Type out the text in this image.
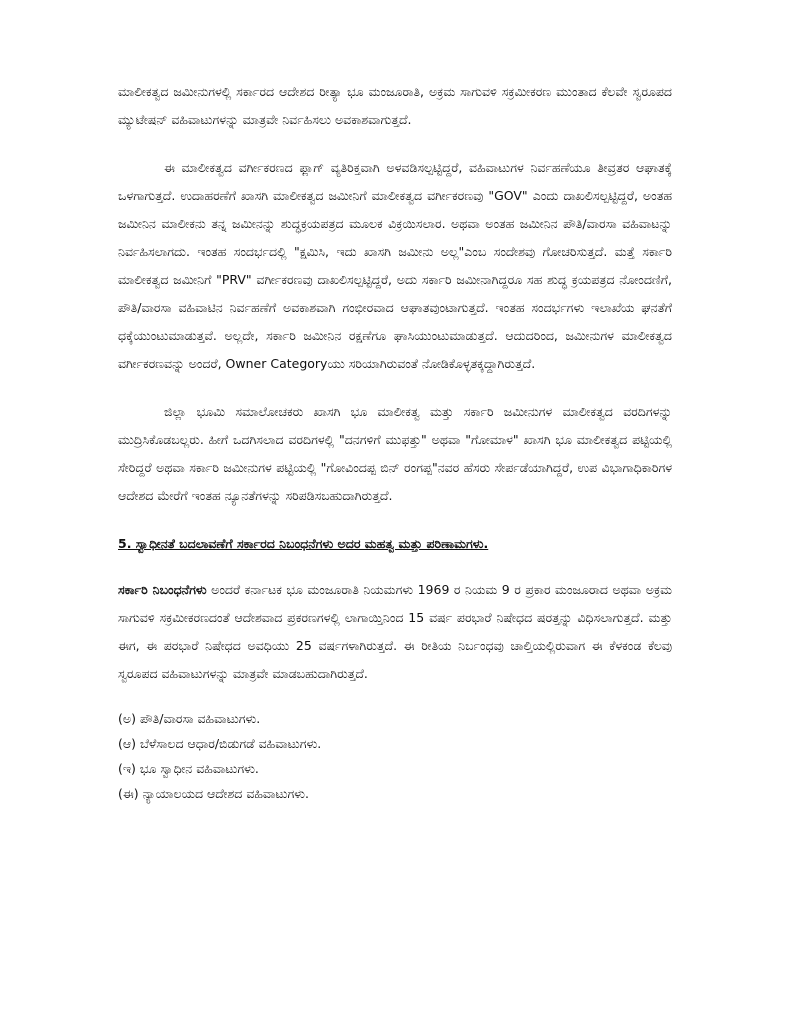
ಮಾಲೀಕತ್ವದ ಜಮೀನುಗಳಲ್ಲಿ ಸರ್ಕಾರದ ಆದೇಶದ ರೀತ್ಯಾ ಭೂ ಮಂಜೂರಾತಿ, ಅಕ್ರಮ ಸಾಗುವಳಿ ಸಕ್ರಮೀಕರಣ ಮುಂತಾದ ಕೆಲವೇ ಸ್ವರೂಪದ ಮ್ಯುಟೇಷನ್ ವಹಿವಾಟುಗಳನ್ನು ಮಾತ್ರವೇ ನಿರ್ವಹಿಸಲು ಅವಕಾಶವಾಗುತ್ತದೆ.

ಈ ಮಾಲೀಕತ್ವದ ವರ್ಗೀಕರಣದ ಫ್ಲಾಗ್ ವ್ಯತಿರಿಕ್ತವಾಗಿ ಅಳವಡಿಸಲ್ಪಟ್ಟಿದ್ದರೆ, ವಹಿವಾಟುಗಳ ನಿರ್ವಹಣೆಯೂ ತೀವ್ರತರ ಆಘಾತಕ್ಕೆ ಒಳಗಾಗುತ್ತದೆ. ಉದಾಹರಣೆಗೆ ಖಾಸಗಿ ಮಾಲೀಕತ್ವದ ಜಮೀನಿಗೆ ಮಾಲೀಕತ್ವದ ವರ್ಗೀಕರಣವು "GOV" ಎಂದು ದಾಖಲಿಸಲ್ಪಟ್ಟಿದ್ದರೆ, ಅಂತಹ ಜಮೀನಿನ ಮಾಲೀಕನು ತನ್ನ ಜಮೀನನ್ನು ಶುದ್ಧಕ್ರಯಪತ್ರದ ಮೂಲಕ ವಿಕ್ರಯಿಸಲಾರ. ಅಥವಾ ಅಂತಹ ಜಮೀನಿನ ಪೌತಿ/ವಾರಸಾ ವಹಿವಾಟನ್ನು ನಿರ್ವಹಿಸಲಾಗದು. ಇಂತಹ ಸಂದರ್ಭದಲ್ಲಿ "ಕ್ಷಮಿಸಿ, ಇದು ಖಾಸಗಿ ಜಮೀನು ಅಲ್ಲ"ಎಂಬ ಸಂದೇಶವು ಗೋಚರಿಸುತ್ತದೆ. ಮತ್ತೆ ಸರ್ಕಾರಿ ಮಾಲೀಕತ್ವದ ಜಮೀನಿಗೆ "PRV" ವರ್ಗೀಕರಣವು ದಾಖಲಿಸಲ್ಪಟ್ಟಿದ್ದರೆ, ಅದು ಸರ್ಕಾರಿ ಜಮೀನಾಗಿದ್ದರೂ ಸಹ ಶುದ್ಧ ಕ್ರಯಪತ್ರದ ನೋಂದಣಿಗೆ, ಪೌತಿ/ವಾರಸಾ ವಹಿವಾಟಿನ ನಿರ್ವಹಣೆಗೆ ಅವಕಾಶವಾಗಿ ಗಂಭೀರವಾದ ಆಘಾತವುಂಟಾಗುತ್ತದೆ. ಇಂತಹ ಸಂದರ್ಭಗಳು ಇಲಾಖೆಯ ಘನತೆಗೆ ಧಕ್ಕೆಯುಂಟುಮಾಡುತ್ತವೆ. ಅಲ್ಲದೇ, ಸರ್ಕಾರಿ ಜಮೀನಿನ ರಕ್ಷಣೆಗೂ ಘಾಸಿಯುಂಟುಮಾಡುತ್ತದೆ. ಆದುದರಿಂದ, ಜಮೀನುಗಳ ಮಾಲೀಕತ್ವದ ವರ್ಗೀಕರಣವನ್ನು ಅಂದರೆ, Owner Categoryಯು ಸರಿಯಾಗಿರುವಂತೆ ನೋಡಿಕೊಳ್ಳತಕ್ಕದ್ದಾಗಿರುತ್ತದೆ.

ಜಿಲ್ಲಾ ಭೂಮಿ ಸಮಾಲೋಚಕರು ಖಾಸಗಿ ಭೂ ಮಾಲೀಕತ್ವ ಮತ್ತು ಸರ್ಕಾರಿ ಜಮೀನುಗಳ ಮಾಲೀಕತ್ವದ ವರದಿಗಳನ್ನು ಮುದ್ರಿಸಿಕೊಡಬಲ್ಲರು. ಹೀಗೆ ಒದಗಿಸಲಾದ ವರದಿಗಳಲ್ಲಿ "ದನಗಳಿಗೆ ಮುಫತ್ತು" ಅಥವಾ "ಗೋಮಾಳ" ಖಾಸಗಿ ಭೂ ಮಾಲೀಕತ್ವದ ಪಟ್ಟಿಯಲ್ಲಿ ಸೇರಿದ್ದರೆ ಅಥವಾ ಸರ್ಕಾರಿ ಜಮೀನುಗಳ ಪಟ್ಟಿಯಲ್ಲಿ "ಗೋವಿಂದಪ್ಪ ಬಿನ್ ರಂಗಪ್ಪ"ನವರ ಹೆಸರು ಸೇರ್ಪಡೆಯಾಗಿದ್ದರೆ, ಉಪ ವಿಭಾಗಾಧಿಕಾರಿಗಳ ಆದೇಶದ ಮೇರೆಗೆ ಇಂತಹ ನ್ಯೂನತೆಗಳನ್ನು ಸರಿಪಡಿಸಬಹುದಾಗಿರುತ್ತದೆ.

5. ಸ್ವಾಧೀನತೆ ಬದಲಾವಣೆಗೆ ಸರ್ಕಾರದ ನಿಬಂಧನೆಗಳು ಅದರ ಮಹತ್ವ ಮತ್ತು ಪರಿಣಾಮಗಳು.

ಸರ್ಕಾರಿ ನಿಬಂಧನೆಗಳು ಅಂದರೆ ಕರ್ನಾಟಕ ಭೂ ಮಂಜೂರಾತಿ ನಿಯಮಗಳು 1969 ರ ನಿಯಮ 9 ರ ಪ್ರಕಾರ ಮಂಜೂರಾದ ಅಥವಾ ಅಕ್ರಮ ಸಾಗುವಳಿ ಸಕ್ರಮೀಕರಣದಂತೆ ಆದೇಶವಾದ ಪ್ರಕರಣಗಳಲ್ಲಿ ಲಾಗಾಯ್ತಿನಿಂದ 15 ವರ್ಷ ಪರಭಾರೆ ನಿಷೇಧದ ಷರತ್ತನ್ನು ವಿಧಿಸಲಾಗುತ್ತದೆ. ಮತ್ತು ಈಗ, ಈ ಪರಭಾರೆ ನಿಷೇಧದ ಅವಧಿಯು 25 ವರ್ಷಗಳಾಗಿರುತ್ತದೆ. ಈ ರೀತಿಯ ನಿರ್ಬಂಧವು ಚಾಲ್ತಿಯಲ್ಲಿರುವಾಗ ಈ ಕೆಳಕಂಡ ಕೆಲವು ಸ್ವರೂಪದ ವಹಿವಾಟುಗಳನ್ನು ಮಾತ್ರವೇ ಮಾಡಬಹುದಾಗಿರುತ್ತದೆ.

(ಅ) ಪೌತಿ/ವಾರಸಾ ವಹಿವಾಟುಗಳು.
(ಆ) ಬೆಳೆಸಾಲದ ಆಧಾರ/ಬಿಡುಗಡೆ ವಹಿವಾಟುಗಳು.
(ಇ) ಭೂ ಸ್ವಾಧೀನ ವಹಿವಾಟುಗಳು.
(ಈ) ನ್ಯಾಯಾಲಯದ ಆದೇಶದ ವಹಿವಾಟುಗಳು.
